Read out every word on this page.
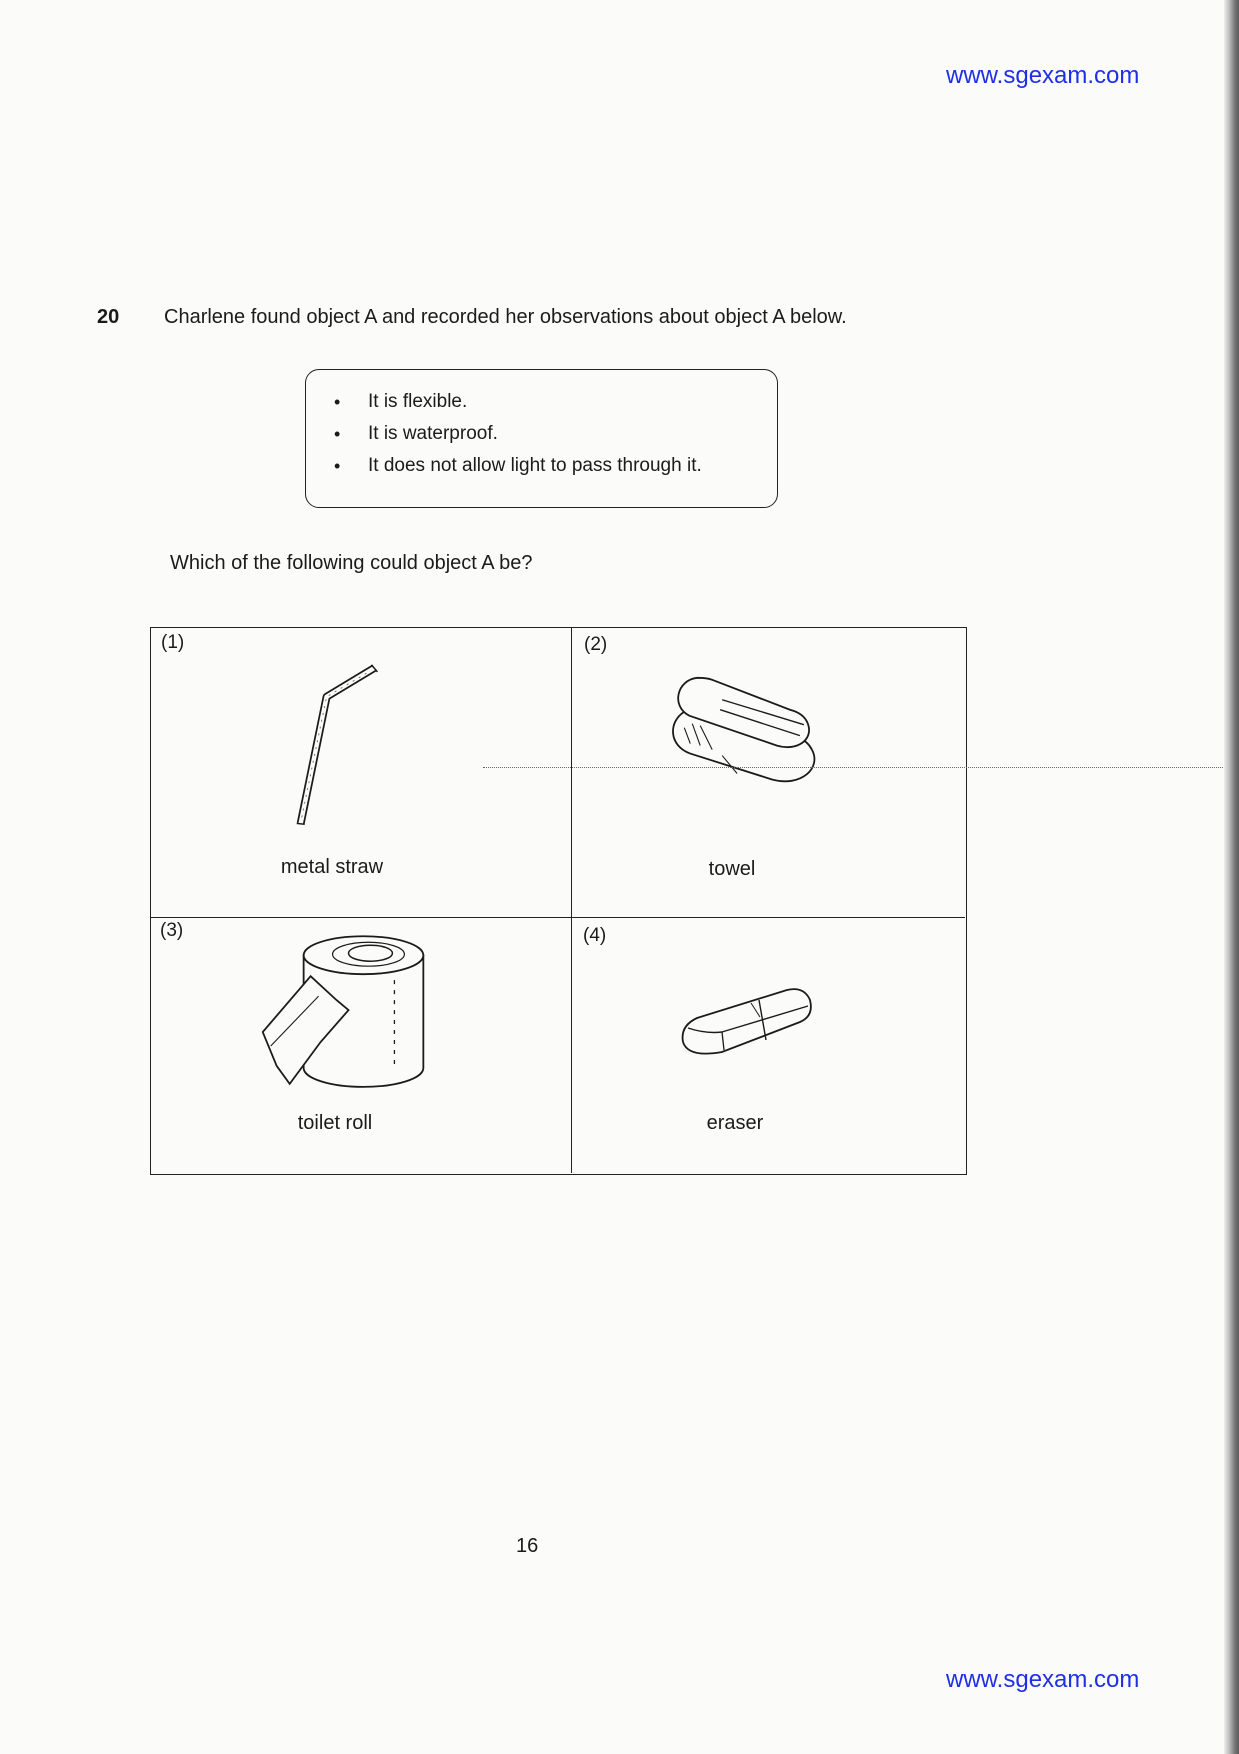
www.sgexam.com
20 Charlene found object A and recorded her observations about object A below.
• It is flexible.
• It is waterproof.
• It does not allow light to pass through it.
Which of the following could object A be?
(1)
metal straw
(2)
towel
(3)
toilet roll
(4)
eraser
16
www.sgexam.com
